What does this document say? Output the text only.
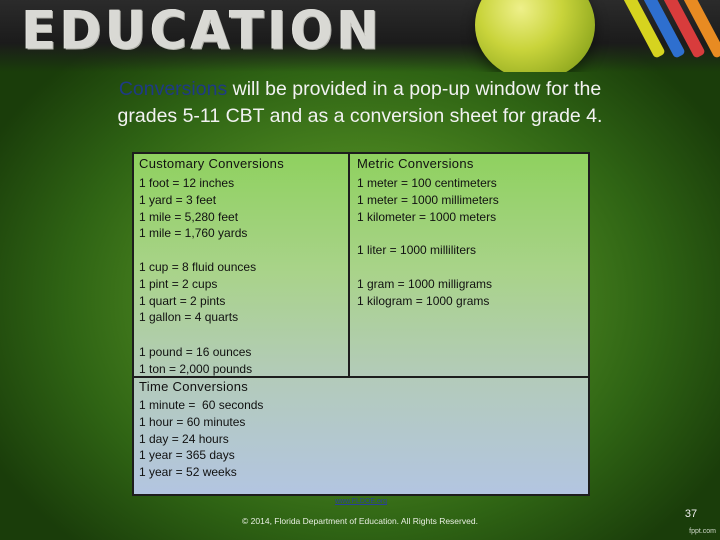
EDUCATION
Conversions will be provided in a pop-up window for the
grades 5-11 CBT and as a conversion sheet for grade 4.
Customary Conversions
1 foot = 12 inches
1 yard = 3 feet
1 mile = 5,280 feet
1 mile = 1,760 yards
1 cup = 8 fluid ounces
1 pint = 2 cups
1 quart = 2 pints
1 gallon = 4 quarts
1 pound = 16 ounces
1 ton = 2,000 pounds
Metric Conversions
1 meter = 100 centimeters
1 meter = 1000 millimeters
1 kilometer = 1000 meters
1 liter = 1000 milliliters
1 gram = 1000 milligrams
1 kilogram = 1000 grams
Time Conversions
1 minute =  60 seconds
1 hour = 60 minutes
1 day = 24 hours
1 year = 365 days
1 year = 52 weeks
www.FLDOE.org
© 2014, Florida Department of Education. All Rights Reserved.
37
fppt.com
